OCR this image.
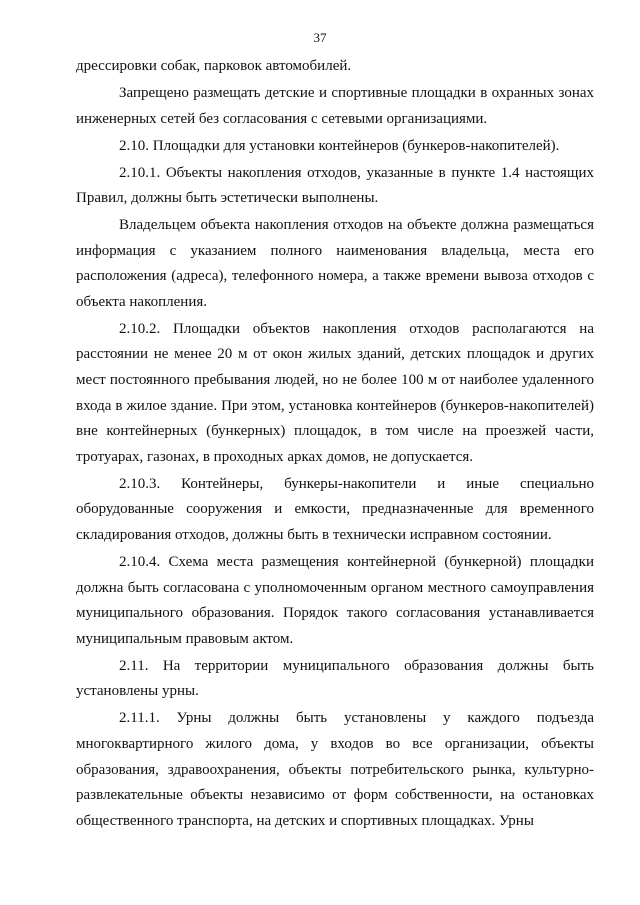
37

дрессировки собак, парковок автомобилей.

Запрещено размещать детские и спортивные площадки в охранных зонах инженерных сетей без согласования с сетевыми организациями.

2.10. Площадки для установки контейнеров (бункеров-накопителей).

2.10.1. Объекты накопления отходов, указанные в пункте 1.4 настоящих Правил, должны быть эстетически выполнены.

Владельцем объекта накопления отходов на объекте должна размещаться информация с указанием полного наименования владельца, места его расположения (адреса), телефонного номера, а также времени вывоза отходов с объекта накопления.

2.10.2. Площадки объектов накопления отходов располагаются на расстоянии не менее 20 м от окон жилых зданий, детских площадок и других мест постоянного пребывания людей, но не более 100 м от наиболее удаленного входа в жилое здание. При этом, установка контейнеров (бункеров-накопителей) вне контейнерных (бункерных) площадок, в том числе на проезжей части, тротуарах, газонах, в проходных арках домов, не допускается.

2.10.3. Контейнеры, бункеры-накопители и иные специально оборудованные сооружения и емкости, предназначенные для временного складирования отходов, должны быть в технически исправном состоянии.

2.10.4. Схема места размещения контейнерной (бункерной) площадки должна быть согласована с уполномоченным органом местного самоуправления муниципального образования. Порядок такого согласования устанавливается муниципальным правовым актом.

2.11. На территории муниципального образования должны быть установлены урны.

2.11.1. Урны должны быть установлены у каждого подъезда многоквартирного жилого дома, у входов во все организации, объекты образования, здравоохранения, объекты потребительского рынка, культурно-развлекательные объекты независимо от форм собственности, на остановках общественного транспорта, на детских и спортивных площадках. Урны
